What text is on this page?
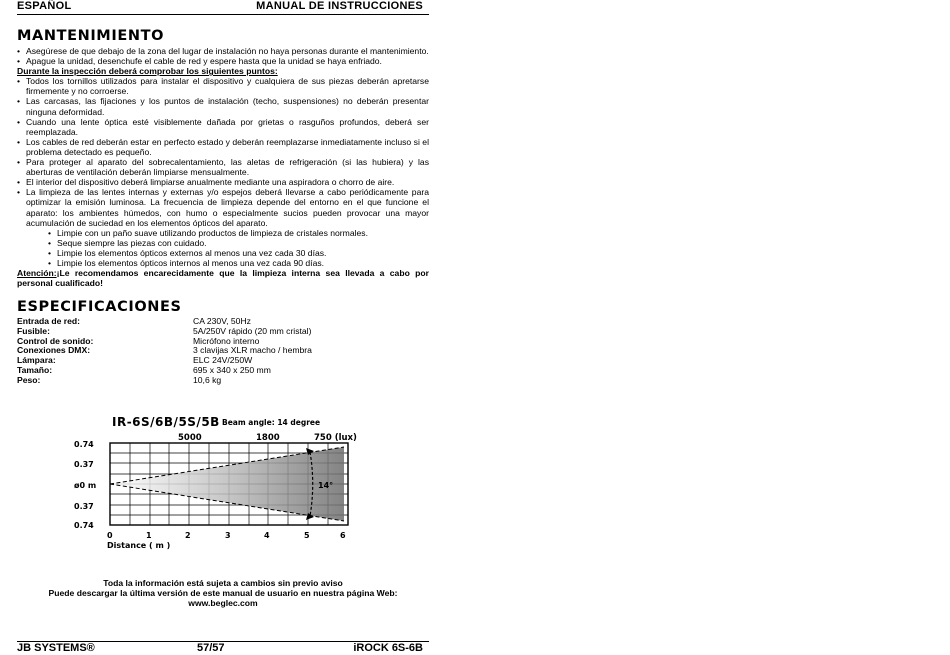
ESPAÑOL	MANUAL DE INSTRUCCIONES
MANTENIMIENTO
• Asegúrese de que debajo de la zona del lugar de instalación no haya personas durante el mantenimiento.
• Apague la unidad, desenchufe el cable de red y espere hasta que la unidad se haya enfriado.
Durante la inspección deberá comprobar los siguientes puntos:
• Todos los tornillos utilizados para instalar el dispositivo y cualquiera de sus piezas deberán apretarse firmemente y no corroerse.
• Las carcasas, las fijaciones y los puntos de instalación (techo, suspensiones) no deberán presentar ninguna deformidad.
• Cuando una lente óptica esté visiblemente dañada por grietas o rasguños profundos, deberá ser reemplazada.
• Los cables de red deberán estar en perfecto estado y deberán reemplazarse inmediatamente incluso si el problema detectado es pequeño.
• Para proteger al aparato del sobrecalentamiento, las aletas de refrigeración (si las hubiera) y las aberturas de ventilación deberán limpiarse mensualmente.
• El interior del dispositivo deberá limpiarse anualmente mediante una aspiradora o chorro de aire.
• La limpieza de las lentes internas y externas y/o espejos deberá llevarse a cabo periódicamente para optimizar la emisión luminosa. La frecuencia de limpieza depende del entorno en el que funcione el aparato: los ambientes húmedos, con humo o especialmente sucios pueden provocar una mayor acumulación de suciedad en los elementos ópticos del aparato.
• Limpie con un paño suave utilizando productos de limpieza de cristales normales.
• Seque siempre las piezas con cuidado.
• Limpie los elementos ópticos externos al menos una vez cada 30 días.
• Limpie los elementos ópticos internos al menos una vez cada 90 días.
Atención:¡Le recomendamos encarecidamente que la limpieza interna sea llevada a cabo por personal cualificado!
ESPECIFICACIONES
Entrada de red:	CA 230V, 50Hz
Fusible:	5A/250V rápido (20 mm cristal)
Control de sonido:	Micrófono interno
Conexiones DMX:	3 clavijas XLR macho / hembra
Lámpara:	ELC 24V/250W
Tamaño:	695 x 340 x 250 mm
Peso:	10,6 kg
IR-6S/6B/5S/5B Beam angle: 14 degree
5000	1800	750 (lux)
14°
0.74
0.37
ø0 m
0.37
0.74
0	1	2	3	4	5	6
Distance ( m )
Toda la información está sujeta a cambios sin previo aviso
Puede descargar la última versión de este manual de usuario en nuestra página Web:
www.beglec.com
JB SYSTEMS®	57/57	iROCK 6S-6B
